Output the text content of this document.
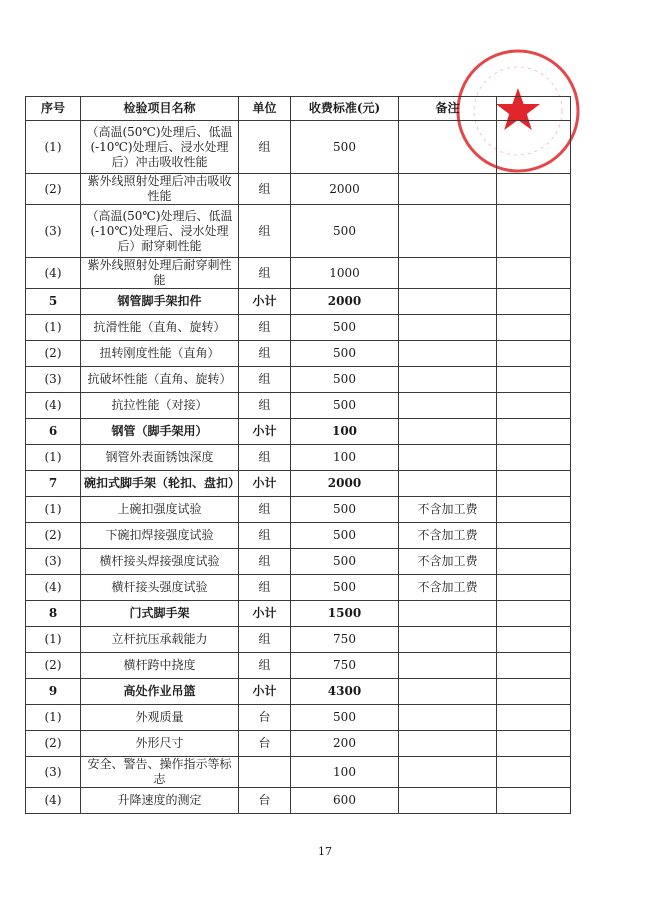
序号	检验项目名称	单位	收费标准(元)	备注	
(1)	（高温(50℃)处理后、低温(-10℃)处理后、浸水处理后）冲击吸收性能	组	500		
(2)	紫外线照射处理后冲击吸收性能	组	2000		
(3)	（高温(50℃)处理后、低温(-10℃)处理后、浸水处理后）耐穿刺性能	组	500		
(4)	紫外线照射处理后耐穿刺性能	组	1000		
5	钢管脚手架扣件	小计	2000		
(1)	抗滑性能（直角、旋转）	组	500		
(2)	扭转刚度性能（直角）	组	500		
(3)	抗破坏性能（直角、旋转）	组	500		
(4)	抗拉性能（对接）	组	500		
6	钢管（脚手架用）	小计	100		
(1)	钢管外表面锈蚀深度	组	100		
7	碗扣式脚手架（轮扣、盘扣）	小计	2000		
(1)	上碗扣强度试验	组	500	不含加工费	
(2)	下碗扣焊接强度试验	组	500	不含加工费	
(3)	横杆接头焊接强度试验	组	500	不含加工费	
(4)	横杆接头强度试验	组	500	不含加工费	
8	门式脚手架	小计	1500		
(1)	立杆抗压承载能力	组	750		
(2)	横杆跨中挠度	组	750		
9	高处作业吊篮	小计	4300		
(1)	外观质量	台	500		
(2)	外形尺寸	台	200		
(3)	安全、警告、操作指示等标志		100		
(4)	升降速度的测定	台	600		
17
